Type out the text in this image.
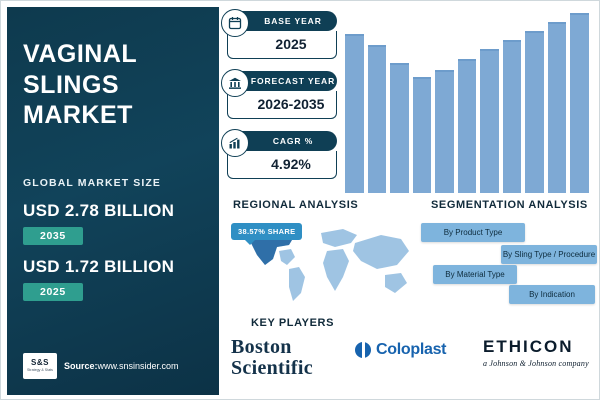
VAGINAL SLINGS MARKET
GLOBAL MARKET SIZE
USD 2.78 BILLION
2035
USD 1.72 BILLION
2025
S&S
Strategy & Stats Source:www.snsinsider.com
BASE YEAR
2025
FORECAST YEAR
2026-2035
CAGR %
4.92%
REGIONAL ANALYSIS	SEGMENTATION ANALYSIS
KEY PLAYERS
38.57% SHARE	By Product Type
By Sling Type / Procedure
By Material Type
By Indication
Boston
Scientific
Coloplast ETHICON
a Johnson & Johnson company
